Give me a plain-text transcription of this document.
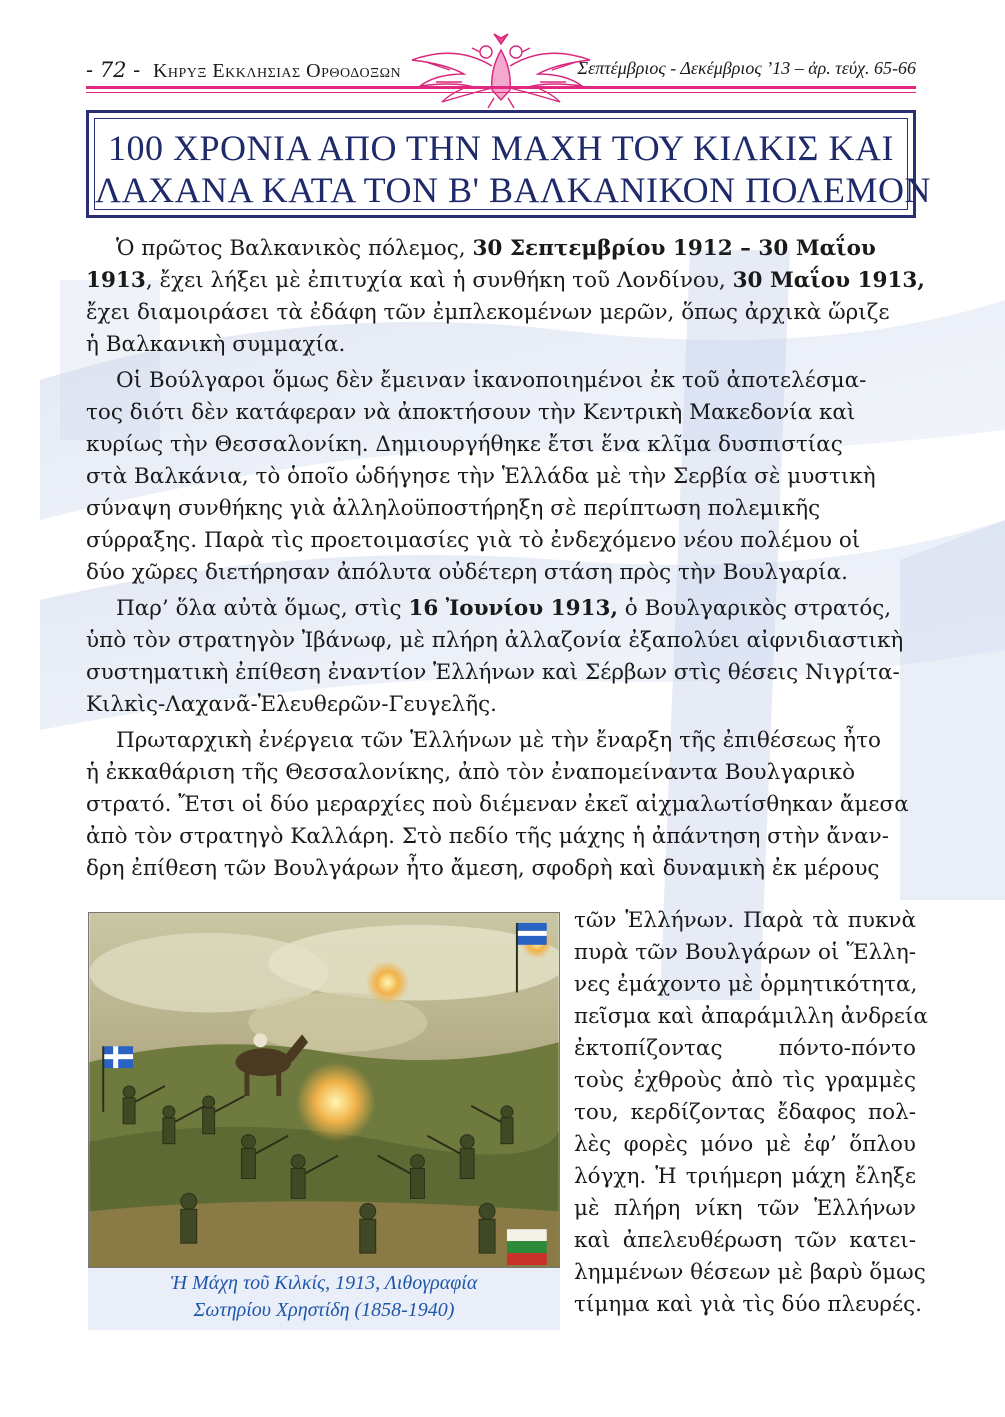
- 72 - Κηρυξ Εκκλησιας Ορθοδοξων	Σεπτέμβριος - Δεκέμβριος ’13 – ἀρ. τεύχ. 65-66
100 ΧΡΟΝΙΑ ΑΠΟ ΤΗΝ ΜΑΧΗ ΤΟΥ ΚΙΛΚΙΣ ΚΑΙ
ΛΑΧΑΝΑ ΚΑΤΑ ΤΟΝ Β' ΒΑΛΚΑΝΙΚΟΝ ΠΟΛΕΜΟΝ
Ὁ πρῶτος Βαλκανικὸς πόλεμος, 30 Σεπτεμβρίου 1912 – 30 Μαΐου
1913, ἔχει λήξει μὲ ἐπιτυχία καὶ ἡ συνθήκη τοῦ Λονδίνου, 30 Μαΐου 1913,
ἔχει διαμοιράσει τὰ ἐδάφη τῶν ἐμπλεκομένων μερῶν, ὅπως ἀρχικὰ ὥριζε
ἡ Βαλκανικὴ συμμαχία.
Οἱ Βούλγαροι ὅμως δὲν ἔμειναν ἱκανοποιημένοι ἐκ τοῦ ἀποτελέσμα-
τος διότι δὲν κατάφεραν νὰ ἀποκτήσουν τὴν Κεντρικὴ Μακεδονία καὶ
κυρίως τὴν Θεσσαλονίκη. Δημιουργήθηκε ἔτσι ἕνα κλῖμα δυσπιστίας
στὰ Βαλκάνια, τὸ ὁποῖο ὡδήγησε τὴν Ἑλλάδα μὲ τὴν Σερβία σὲ μυστικὴ
σύναψη συνθήκης γιὰ ἀλληλοϋποστήρηξη σὲ περίπτωση πολεμικῆς
σύρραξης. Παρὰ τὶς προετοιμασίες γιὰ τὸ ἐνδεχόμενο νέου πολέμου οἱ
δύο χῶρες διετήρησαν ἀπόλυτα οὐδέτερη στάση πρὸς τὴν Βουλγαρία.
Παρ’ ὅλα αὐτὰ ὅμως, στὶς 16 Ἰουνίου 1913, ὁ Βουλγαρικὸς στρατός,
ὑπὸ τὸν στρατηγὸν Ἰβάνωφ, μὲ πλήρη ἀλλαζονία ἐξαπολύει αἰφνιδιαστικὴ
συστηματικὴ ἐπίθεση ἐναντίον Ἑλλήνων καὶ Σέρβων στὶς θέσεις Νιγρίτα-
Κιλκὶς-Λαχανᾶ-Ἐλευθερῶν-Γευγελῆς.
Πρωταρχικὴ ἐνέργεια τῶν Ἑλλήνων μὲ τὴν ἔναρξη τῆς ἐπιθέσεως ἦτο
ἡ ἐκκαθάριση τῆς Θεσσαλονίκης, ἀπὸ τὸν ἐναπομείναντα Βουλγαρικὸ
στρατό. Ἔτσι οἱ δύο μεραρχίες ποὺ διέμεναν ἐκεῖ αἰχμαλωτίσθηκαν ἄμεσα
ἀπὸ τὸν στρατηγὸ Καλλάρη. Στὸ πεδίο τῆς μάχης ἡ ἀπάντηση στὴν ἄναν-
δρη ἐπίθεση τῶν Βουλγάρων ἦτο ἄμεση, σφοδρὴ καὶ δυναμικὴ ἐκ μέρους
Ἡ Μάχη τοῦ Κιλκίς, 1913, Λιθογραφία
Σωτηρίου Χρηστίδη (1858-1940)
τῶν Ἑλλήνων. Παρὰ τὰ πυκνὰ
πυρὰ τῶν Βουλγάρων οἱ Ἕλλη-
νες ἐμάχοντο μὲ ὁρμητικότητα,
πεῖσμα καὶ ἀπαράμιλλη ἀνδρεία
ἐκτοπίζοντας πόντο-πόντο
τοὺς ἐχθροὺς ἀπὸ τὶς γραμμὲς
του, κερδίζοντας ἔδαφος πολ-
λὲς φορὲς μόνο μὲ ἐφ’ ὅπλου
λόγχη. Ἡ τριήμερη μάχη ἔληξε
μὲ πλήρη νίκη τῶν Ἑλλήνων
καὶ ἀπελευθέρωση τῶν κατει-
λημμένων θέσεων μὲ βαρὺ ὅμως
τίμημα καὶ γιὰ τὶς δύο πλευρές.
